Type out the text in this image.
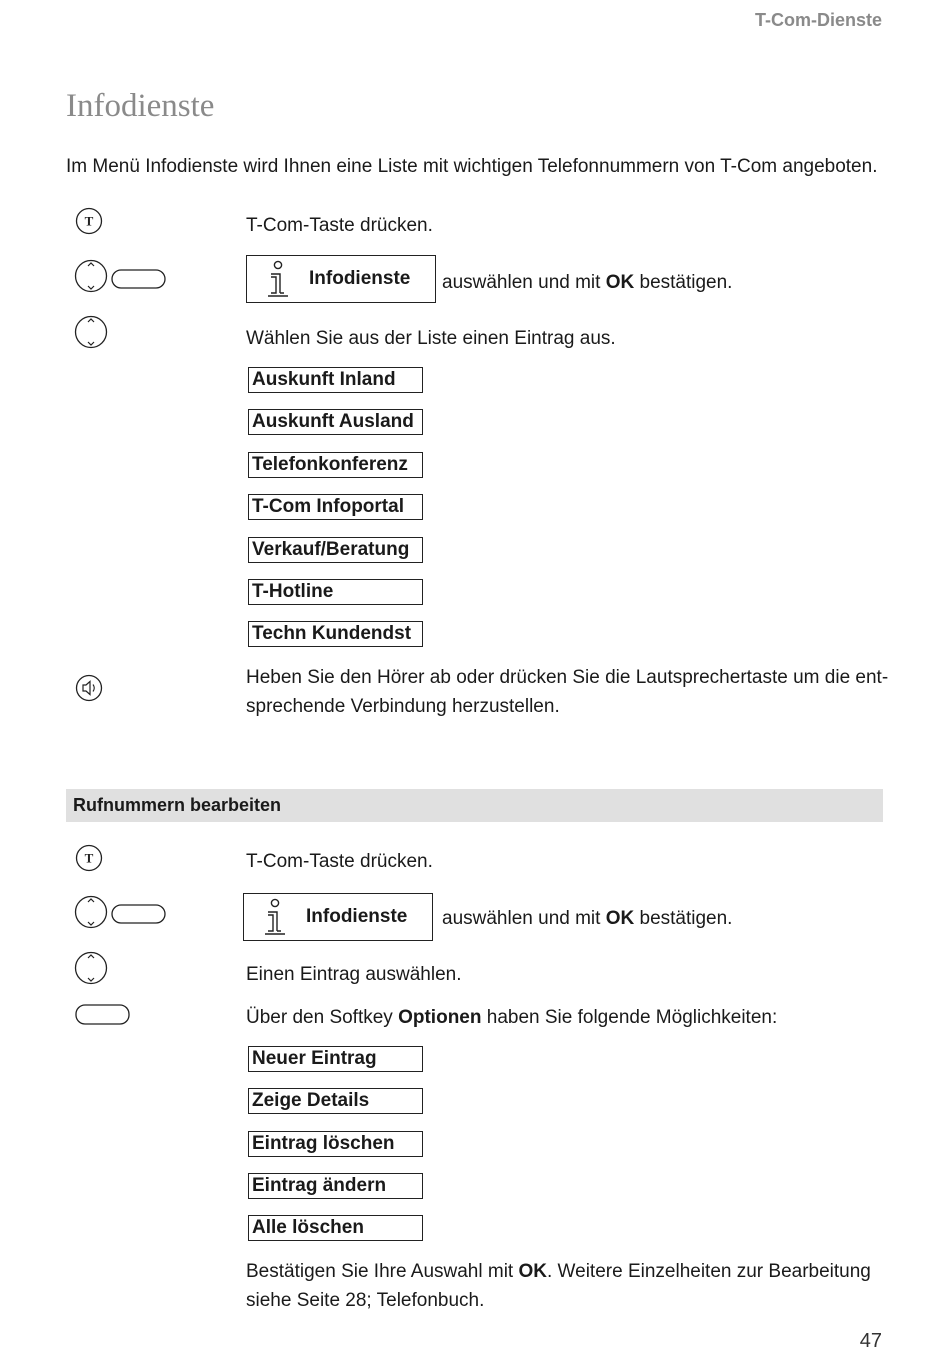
T-Com-Dienste
Infodienste
Im Menü Infodienste wird Ihnen eine Liste mit wichtigen Telefonnummern von T-Com angeboten.
T	T-Com-Taste drücken.
Infodienste auswählen und mit OK bestätigen.
Wählen Sie aus der Liste einen Eintrag aus.
Auskunft Inland
Auskunft Ausland
Telefonkonferenz
T-Com Infoportal
Verkauf/Beratung
T-Hotline
Techn Kundendst
Heben Sie den Hörer ab oder drücken Sie die Lautsprechertaste um die ent-
sprechende Verbindung herzustellen.
Rufnummern bearbeiten
T	T-Com-Taste drücken.
Infodienste auswählen und mit OK bestätigen.
Einen Eintrag auswählen.
Über den Softkey Optionen haben Sie folgende Möglichkeiten:
Neuer Eintrag
Zeige Details
Eintrag löschen
Eintrag ändern
Alle löschen
Bestätigen Sie Ihre Auswahl mit OK. Weitere Einzelheiten zur Bearbeitung
siehe Seite 28; Telefonbuch.
47
